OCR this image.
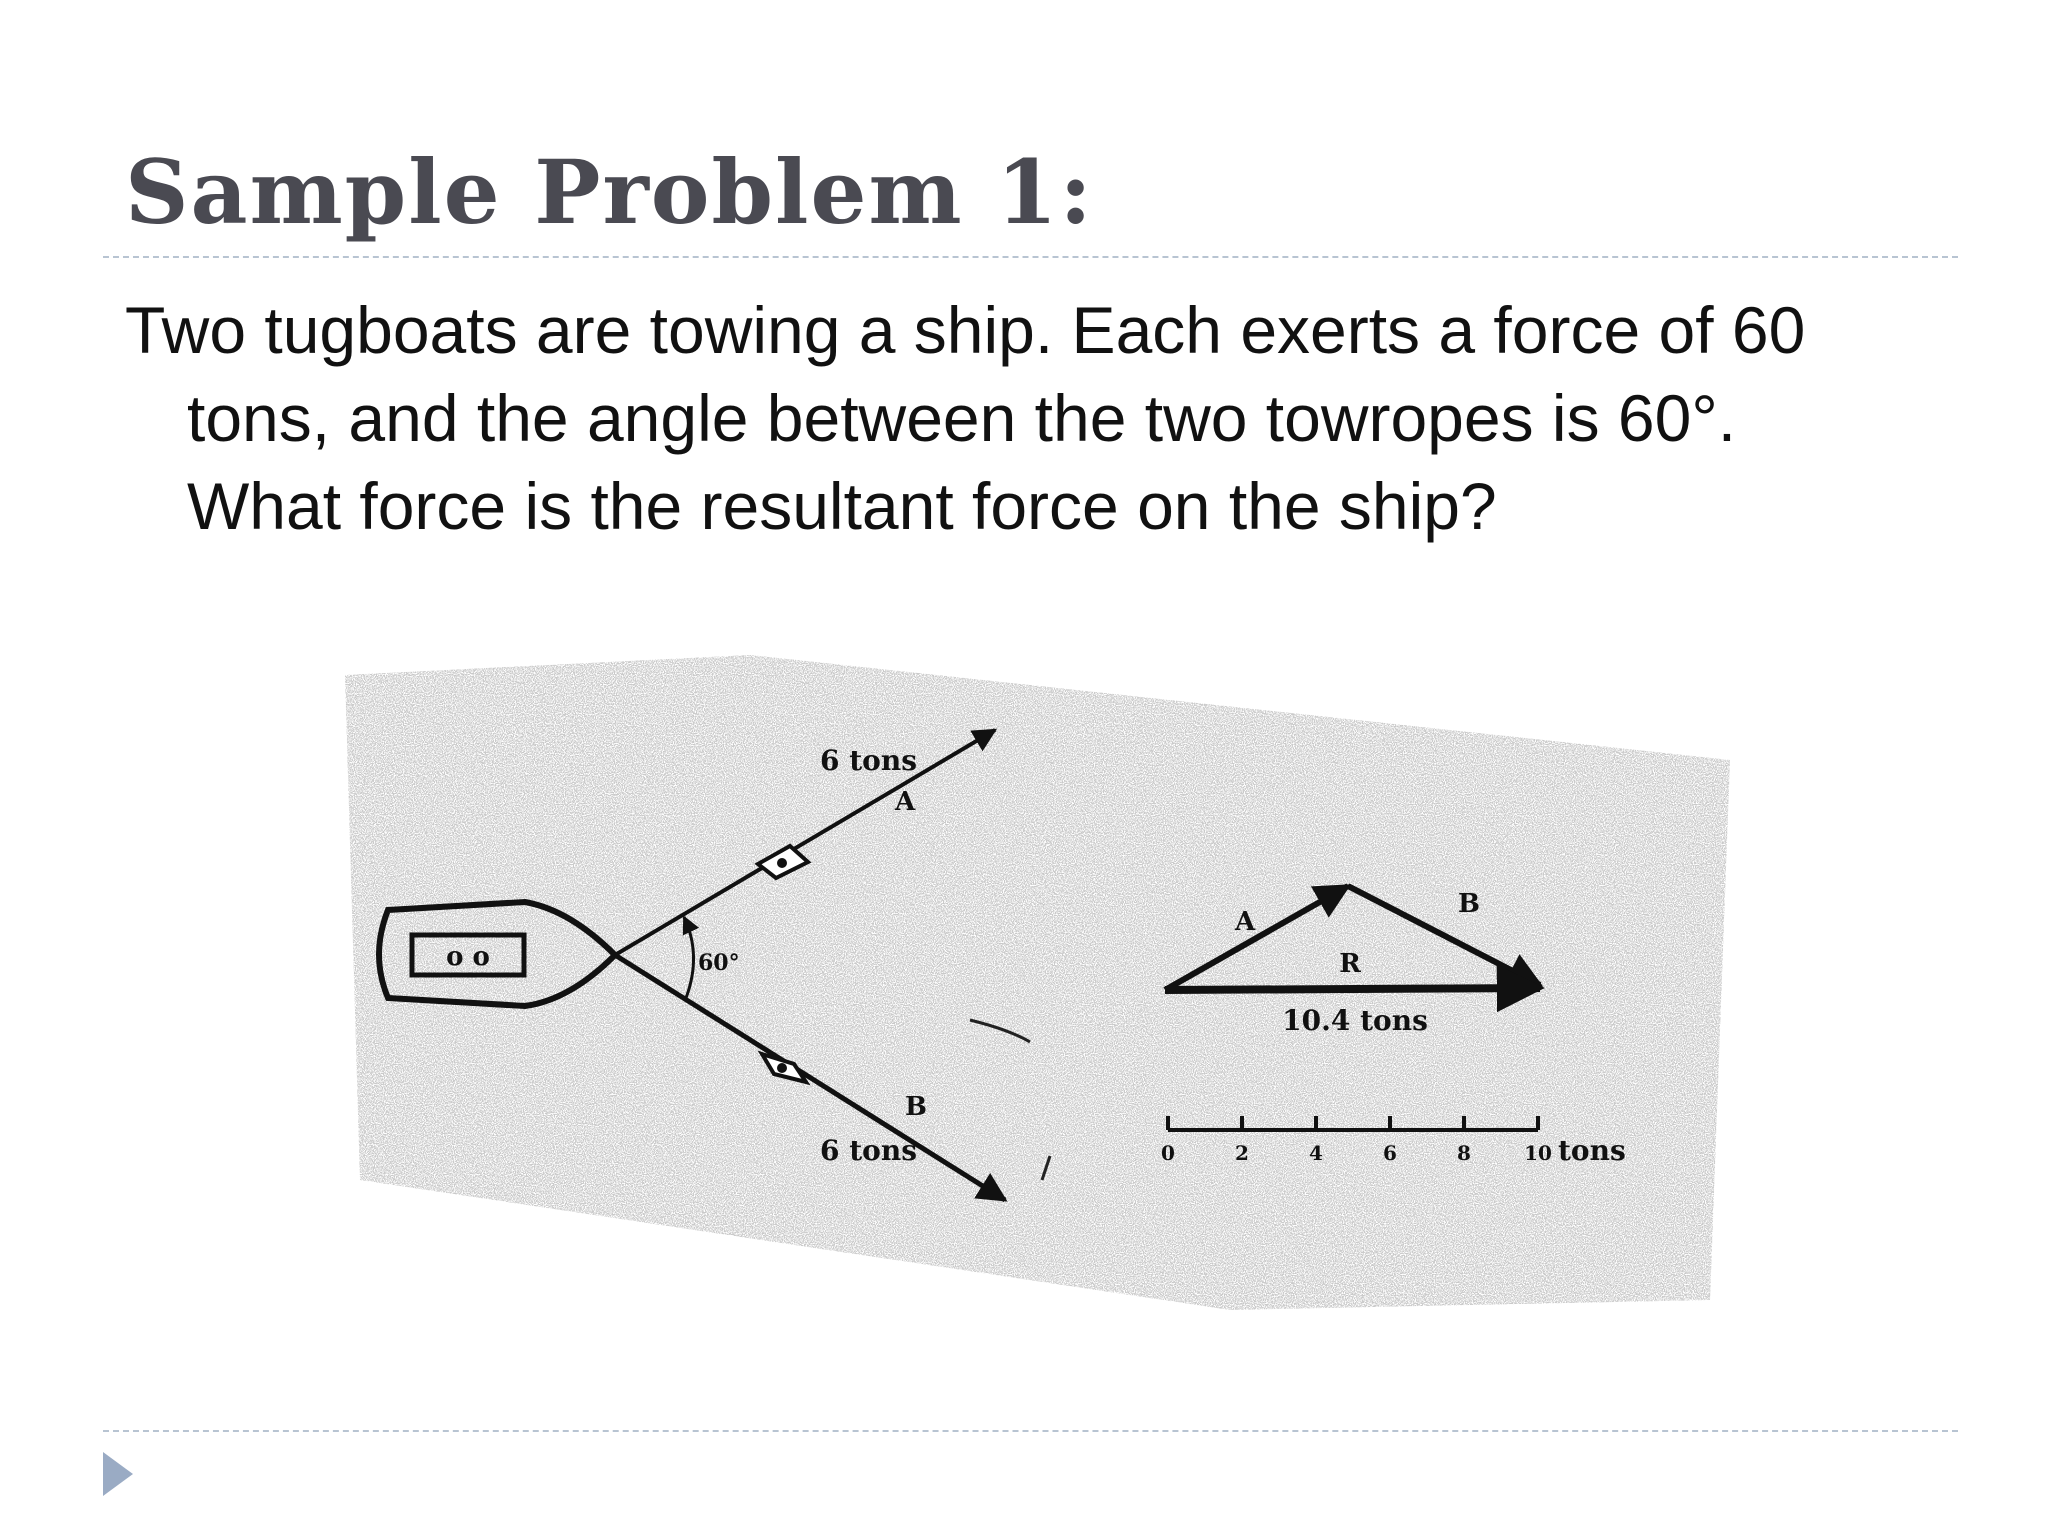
Sample Problem 1:
Two tugboats are towing a ship. Each exerts a force of 60
tons, and the angle between the two towropes is 60°.
What force is the resultant force on the ship?
o o	60°
6 tons
A
B
6 tons
A
B
R
10.4 tons
0	2	4	6	8	10 tons
